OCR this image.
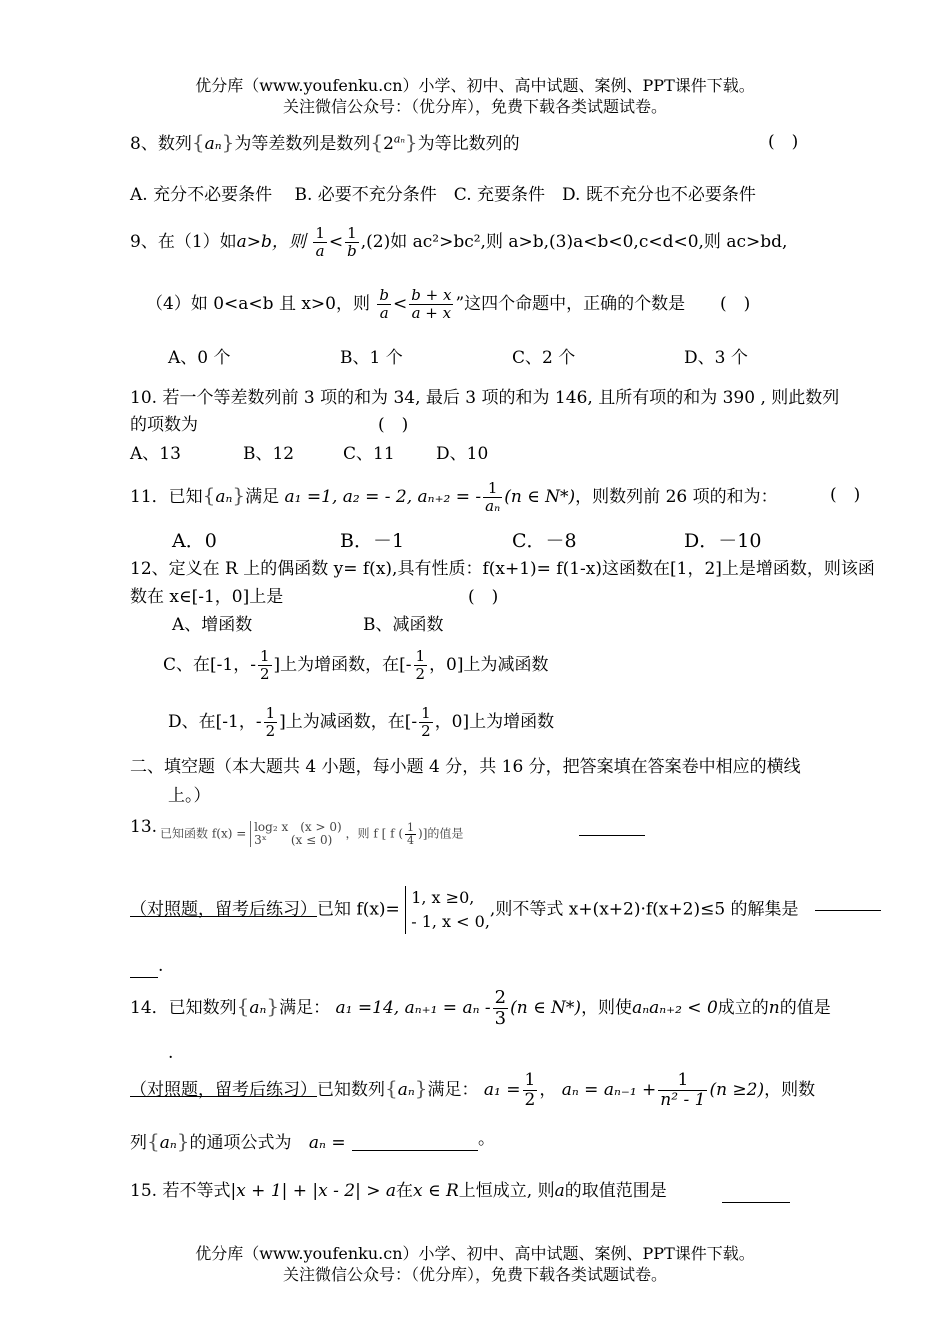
优分库（www.youfenku.cn）小学、初中、高中试题、案例、PPT课件下载。
关注微信公众号：（优分库），免费下载各类试题试卷。
8、数列{aₙ}为等差数列是数列$\{2^{a_n}\}$为等比数列的	(　)
A. 充分不必要条件　 B. 必要不充分条件　C. 充要条件　D. 既不充分也不必要条件
9、在（1）如a>b，则 $\frac{1}{a} < \frac{1}{b} ,(2)$如 ac²>bc²,则 a>b,(3)a<b<0,c<d<0,则 ac>bd,
（4）如 0<a<b 且 x>0，则 $\frac{b}{a} < \frac{b + x}{a + x}$ ”这四个命题中，正确的个数是 (　)
A、0 个	B、1 个	C、2 个	D、3 个
10. 若一个等差数列前 3 项的和为 34, 最后 3 项的和为 146, 且所有项的和为 390 , 则此数列
的项数为	(　)
A、13	B、12	C、11 D、10
11．已知{aₙ}满足 a₁ =1, a₂ = - 2, aₙ₊₂ = - $\frac{1}{\text{aₙ}} (n$ ∈ N*)，则数列前 26 项的和为：	(　)
A．0	B．－1	C．－8	D．－10
12、定义在 R 上的偶函数 y= f(x),具有性质：f(x+1)= f(1-x)这函数在[1，2]上是增函数，则该函
数在 x∈[-1，0]上是	(　)
A、增函数	B、减函数
C、在[-1，- $\frac{1}{2}$ ]上为增函数，在[- $\frac{1}{2}$ ，0]上为减函数
D、在[-1，- $\frac{1}{2}$ ]上为减函数，在[- $\frac{1}{2}$ ，0]上为增函数
二、填空题（本大题共 4 小题，每小题 4 分，共 16 分，把答案填在答案卷中相应的横线
上。）
13. 已知函数 f(x) = log₂ x　(x > 0)
3ˣ　　(x ≤ 0)	，则 f [ f ( $\frac{1}{4}$ )]的值是

（对照题，留考后练习）已知 f(x)=
1, x ≥0,
- 1, x < 0,
,则不等式 x+(x+2)·f(x+2)≤5 的解集是

.
14．已知数列{aₙ}满足： a₁ =14, $a_{n+1} = a_n - \frac{2}{3} (n$ ∈ N*)，则使aₙaₙ₊₂ < 0成立的n的值是
.
（对照题，留考后练习）已知数列{aₙ}满足： $a_1 = \frac{1}{2}$ ， $a_n = a_{n-1} + \frac{1}{\text{n² - 1}} (n \ge 2)$，则数
列{aₙ}的通项公式为 aₙ =	。
15. 若不等式|x + 1| + |x - 2| > a在x ∈ R上恒成立, 则a的取值范围是

优分库（www.youfenku.cn）小学、初中、高中试题、案例、PPT课件下载。
关注微信公众号：（优分库），免费下载各类试题试卷。
